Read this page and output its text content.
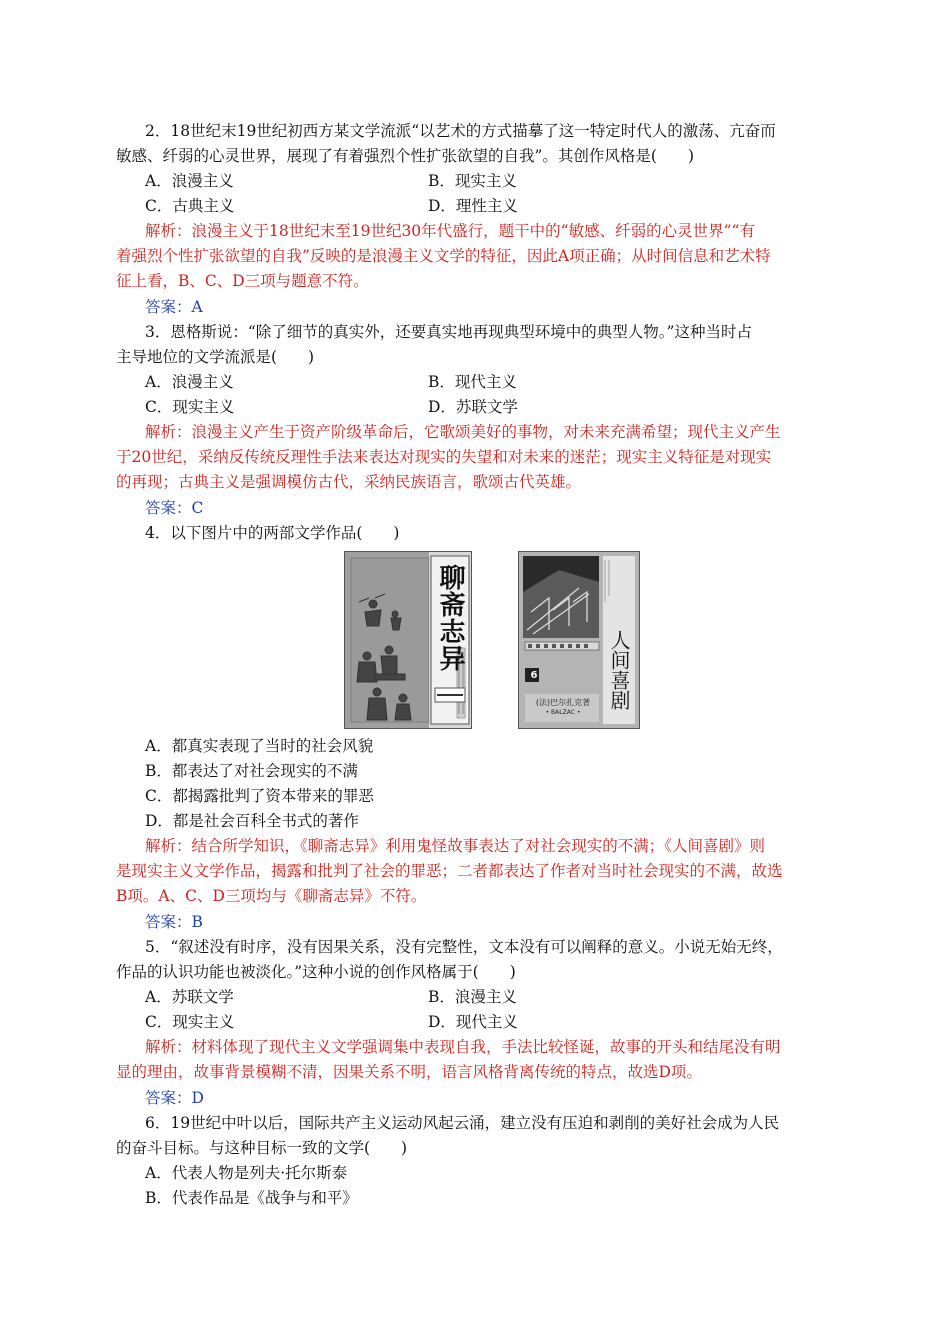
2．18世纪末19世纪初西方某文学流派“以艺术的方式描摹了这一特定时代人的激荡、亢奋而
敏感、纤弱的心灵世界，展现了有着强烈个性扩张欲望的自我”。其创作风格是(　　)
A．浪漫主义	B．现实主义
C．古典主义	D．理性主义
解析：浪漫主义于18世纪末至19世纪30年代盛行，题干中的“敏感、纤弱的心灵世界”“有
着强烈个性扩张欲望的自我”反映的是浪漫主义文学的特征，因此A项正确；从时间信息和艺术特
征上看，B、C、D三项与题意不符。
答案：A
3．恩格斯说：“除了细节的真实外，还要真实地再现典型环境中的典型人物。”这种当时占
主导地位的文学流派是(　　)
A．浪漫主义	B．现代主义
C．现实主义	D．苏联文学
解析：浪漫主义产生于资产阶级革命后，它歌颂美好的事物，对未来充满希望；现代主义产生
于20世纪，采纳反传统反理性手法来表达对现实的失望和对未来的迷茫；现实主义特征是对现实
的再现；古典主义是强调模仿古代，采纳民族语言，歌颂古代英雄。
答案：C
4．以下图片中的两部文学作品(　　)
聊斋志异
6	人间喜剧
(法)巴尔扎克著
• BALZAC •
A．都真实表现了当时的社会风貌
B．都表达了对社会现实的不满
C．都揭露批判了资本带来的罪恶
D．都是社会百科全书式的著作
解析：结合所学知识，《聊斋志异》利用鬼怪故事表达了对社会现实的不满；《人间喜剧》则
是现实主义文学作品，揭露和批判了社会的罪恶；二者都表达了作者对当时社会现实的不满，故选
B项。A、C、D三项均与《聊斋志异》不符。
答案：B
5．“叙述没有时序，没有因果关系，没有完整性，文本没有可以阐释的意义。小说无始无终，
作品的认识功能也被淡化。”这种小说的创作风格属于(　　)
A．苏联文学	B．浪漫主义
C．现实主义	D．现代主义
解析：材料体现了现代主义文学强调集中表现自我，手法比较怪诞，故事的开头和结尾没有明
显的理由，故事背景模糊不清，因果关系不明，语言风格背离传统的特点，故选D项。
答案：D
6．19世纪中叶以后，国际共产主义运动风起云涌，建立没有压迫和剥削的美好社会成为人民
的奋斗目标。与这种目标一致的文学(　　)
A．代表人物是列夫·托尔斯泰
B．代表作品是《战争与和平》
